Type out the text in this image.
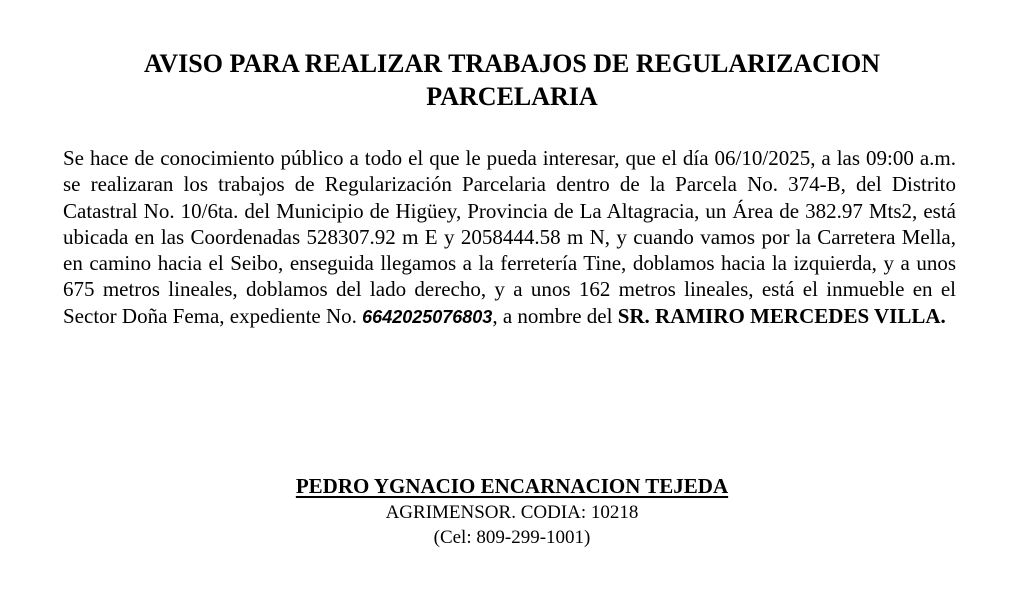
AVISO PARA REALIZAR TRABAJOS DE REGULARIZACION
PARCELARIA

Se hace de conocimiento público a todo el que le pueda interesar, que el día 06/10/2025, a las 09:00 a.m. se realizaran los trabajos de Regularización Parcelaria dentro de la Parcela No. 374-B, del Distrito Catastral No. 10/6ta. del Municipio de Higüey, Provincia de La Altagracia, un Área de 382.97 Mts2, está ubicada en las Coordenadas 528307.92 m E y 2058444.58 m N, y cuando vamos por la Carretera Mella, en camino hacia el Seibo, enseguida llegamos a la ferretería Tine, doblamos hacia la izquierda, y a unos 675 metros lineales, doblamos del lado derecho, y a unos 162 metros lineales, está el inmueble en el Sector Doña Fema, expediente No. 6642025076803, a nombre del SR. RAMIRO MERCEDES VILLA.

PEDRO YGNACIO ENCARNACION TEJEDA
AGRIMENSOR. CODIA: 10218
(Cel: 809-299-1001)
